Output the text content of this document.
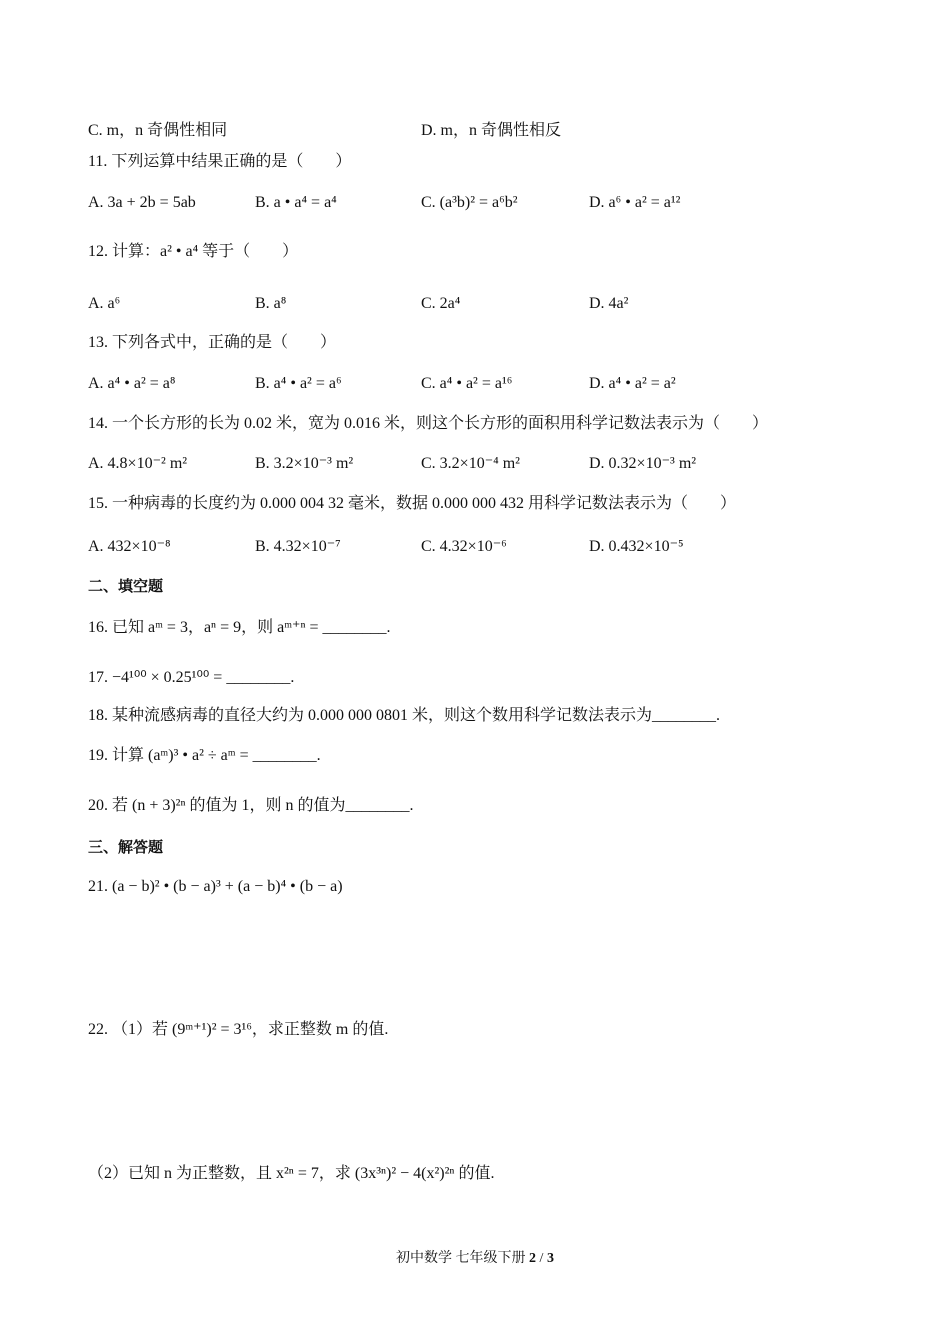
C. m，n 奇偶性相同	D. m，n 奇偶性相反
11. 下列运算中结果正确的是（　　）
A. 3a + 2b = 5ab	B. a • a⁴ = a⁴	C. (a³b)² = a⁶b²	D. a⁶ • a² = a¹²
12. 计算：a² • a⁴ 等于（　　）
A. a⁶	B. a⁸	C. 2a⁴	D. 4a²
13. 下列各式中，正确的是（　　）
A. a⁴ • a² = a⁸	B. a⁴ • a² = a⁶	C. a⁴ • a² = a¹⁶	D. a⁴ • a² = a²
14. 一个长方形的长为 0.02 米，宽为 0.016 米，则这个长方形的面积用科学记数法表示为（　　）
A. 4.8×10⁻² m²	B. 3.2×10⁻³ m²	C. 3.2×10⁻⁴ m²	D. 0.32×10⁻³ m²
15. 一种病毒的长度约为 0.000 004 32 毫米，数据 0.000 000 432 用科学记数法表示为（　　）
A. 432×10⁻⁸	B. 4.32×10⁻⁷	C. 4.32×10⁻⁶	D. 0.432×10⁻⁵
二、填空题
16. 已知 aᵐ = 3，aⁿ = 9，则 aᵐ⁺ⁿ = ________.
17. −4¹⁰⁰ × 0.25¹⁰⁰ = ________.
18. 某种流感病毒的直径大约为 0.000 000 0801 米，则这个数用科学记数法表示为________.
19. 计算 (aᵐ)³ • a² ÷ aᵐ = ________.
20. 若 (n + 3)²ⁿ 的值为 1，则 n 的值为________.
三、解答题
21. (a − b)² • (b − a)³ + (a − b)⁴ • (b − a)
22. （1）若 (9ᵐ⁺¹)² = 3¹⁶，求正整数 m 的值.
（2）已知 n 为正整数，且 x²ⁿ = 7，求 (3x³ⁿ)² − 4(x²)²ⁿ 的值.
初中数学 七年级下册 2 / 3
